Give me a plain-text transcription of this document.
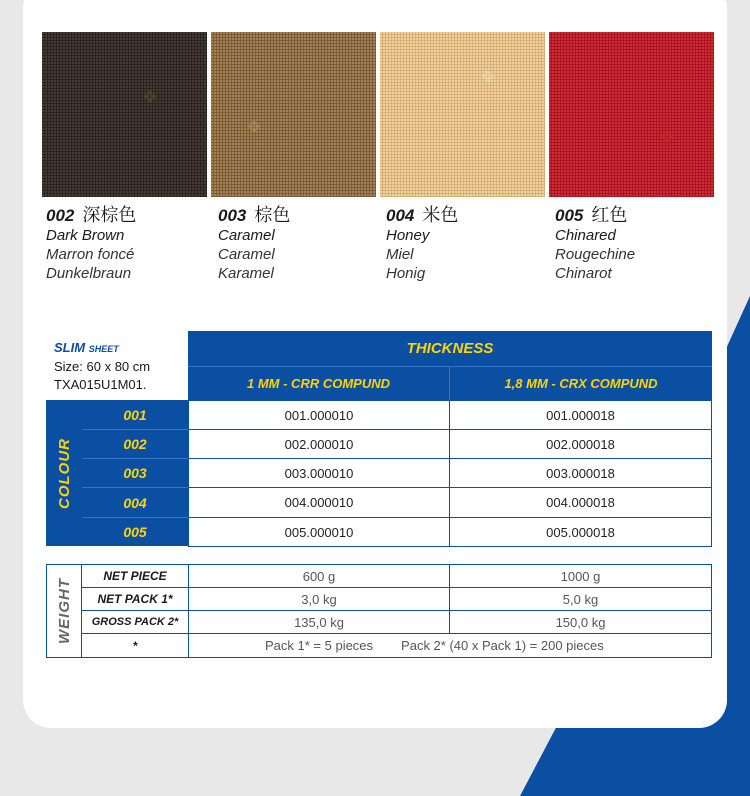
❖
❖
❖
❖
002 深棕色
Dark Brown
Marron foncé
Dunkelbraun
003 棕色
Caramel
Caramel
Karamel
004 米色
Honey
Miel
Honig
005 红色
Chinared
Rougechine
Chinarot
SLIM SHEET
Size: 60 x 80 cm
TXA015U1M01.
THICKNESS
1 MM - CRR COMPUND	1,8 MM - CRX COMPUND
COLOUR
001	001.000010	001.000018
002	002.000010	002.000018
003	003.000010	003.000018
004	004.000010	004.000018
005	005.000010	005.000018
WEIGHT
NET PIECE	600 g	1000 g
NET PACK 1*	3,0 kg	5,0 kg
GROSS PACK 2*	135,0 kg	150,0 kg
*	Pack 1* = 5 pieces Pack 2* (40 x Pack 1) = 200 pieces
